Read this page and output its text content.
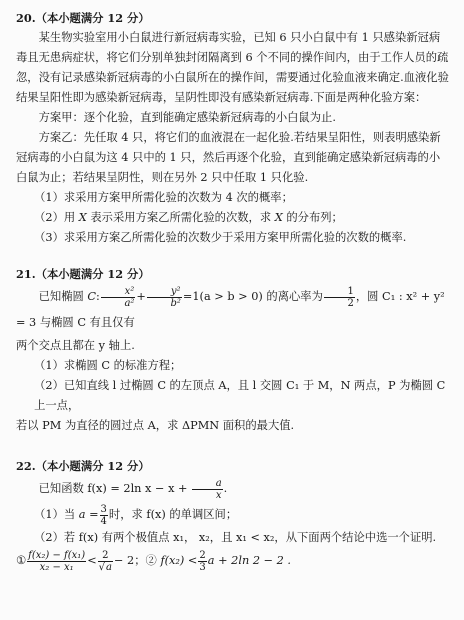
20.（本小题满分 12 分）

某生物实验室用小白鼠进行新冠病毒实验，已知 6 只小白鼠中有 1 只感染新冠病毒且无患病症状，将它们分别单独封闭隔离到 6 个不同的操作间内，由于工作人员的疏忽，没有记录感染新冠病毒的小白鼠所在的操作间，需要通过化验血液来确定.血液化验结果呈阳性即为感染新冠病毒，呈阴性即没有感染新冠病毒.下面是两种化验方案：

方案甲：逐个化验，直到能确定感染新冠病毒的小白鼠为止.

方案乙：先任取 4 只，将它们的血液混在一起化验.若结果呈阳性，则表明感染新冠病毒的小白鼠为这 4 只中的 1 只，然后再逐个化验，直到能确定感染新冠病毒的小白鼠为止；若结果呈阴性，则在另外 2 只中任取 1 只化验.

（1）求采用方案甲所需化验的次数为 4 次的概率；

（2）用 X 表示采用方案乙所需化验的次数，求 X 的分布列；

（3）求采用方案乙所需化验的次数少于采用方案甲所需化验的次数的概率.

21.（本小题满分 12 分）

已知椭圆 C: $\frac{\text{x²}}{\text{a²}} + \frac{\text{y²}}{\text{b²}} =1(a > b > 0)$ 的离心率为 $\frac{1}{2}$ ，圆 C₁ : x² + y² = 3 与椭圆 C 有且仅有

两个交点且都在 y 轴上.

（1）求椭圆 C 的标准方程；

（2）已知直线 l 过椭圆 C 的左顶点 A，且 l 交圆 C₁ 于 M，N 两点，P 为椭圆 C 上一点，

若以 PM 为直径的圆过点 A，求 ΔPMN 面积的最大值.

22.（本小题满分 12 分）

已知函数 f(x) = 2ln $x - x + \frac{a}{x}$ .

（1）当 $a = \frac{3}{4}$ 时，求 f(x) 的单调区间；

（2）若 f(x) 有两个极值点 x₁， x₂，且 x₁ < x₂，从下面两个结论中选一个证明.

① $\frac{\text{f(x₂) − f(x₁)}}{\text{x₂ − x₁}} < \frac{2}{√a} - 2$；② $f(x_2) < \frac{2}{3}$ a + 2ln 2 − 2 .
